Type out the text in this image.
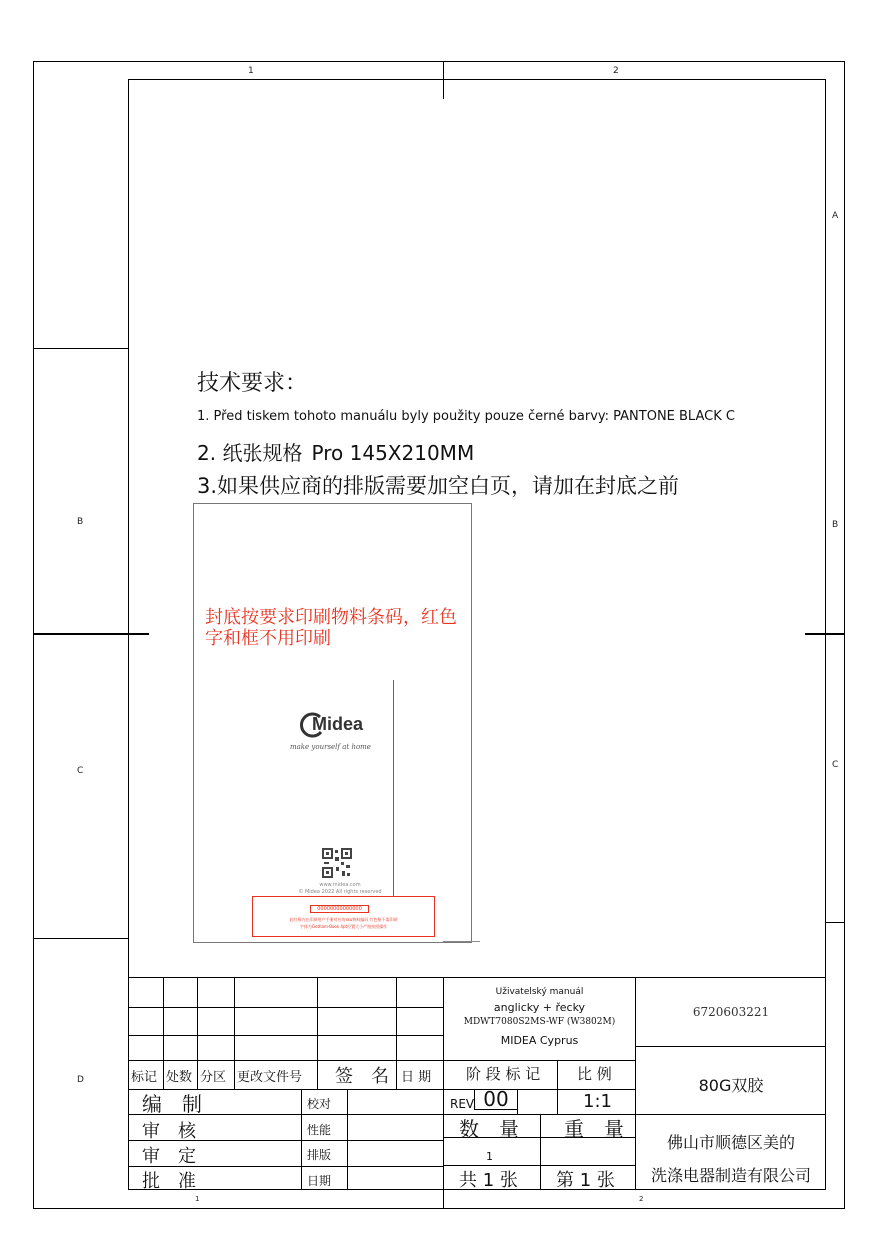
1	2
1	2
B
C
D
A
B
C
技术要求：
1. Před tiskem tohoto manuálu byly použity pouze černé barvy: PANTONE BLACK C
2. 纸张规格 Pro 145X210MM
3.如果供应商的排版需要加空白页，请加在封底之前
封底按要求印刷物料条码，红色字和框不用印刷
Midea
make yourself at home
www.midea.com
© Midea 2022 All rights reserved
00000000000000
此红框内在印刷用户手册对应的sku物料编码 红色框不需印刷
字体为Gotham-Book 4pt位置大小严格按照操作
标记 处数 分区 更改文件号 签　名 日 期
编　制	校对
审　核	性能
审　定	排版
批　准	日期
Uživatelský manuál
anglicky + řecky
MDWT7080S2MS-WF (W3802M)
MIDEA Cyprus
阶 段 标 记 比 例
REV. 00	1:1
数　量 重　量
1
共 1 张 第 1 张
6720603221
80G双胶
佛山市顺德区美的
洗涤电器制造有限公司
